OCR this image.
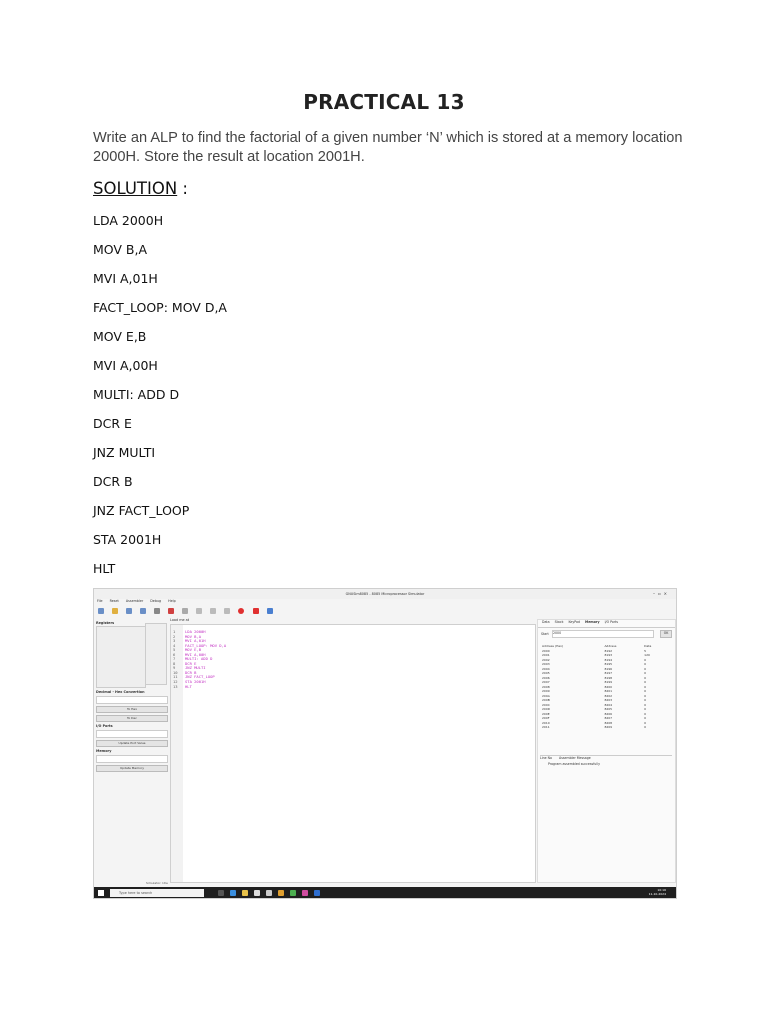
PRACTICAL 13
Write an ALP to find the factorial of a given number ‘N’ which is stored at a memory location 2000H. Store the result at location 2001H.
SOLUTION :
LDA 2000H
MOV B,A
MVI A,01H
FACT_LOOP: MOV D,A
MOV E,B
MVI A,00H
MULTI: ADD D
DCR E
JNZ MULTI
DCR B
JNZ FACT_LOOP
STA 2001H
HLT
GNUSim8085 - 8085 Microprocessor Simulator	–▫×
File Reset Assembler Debug Help

Registers
Decimal - Hex Convertion
To Hex
To Dec
I/O Ports
Update Port Value
Memory
Update Memory
Load me at
1
2
3
4
5
6
7
8
9
10
11
12
13
LDA 2000H
MOV B,A
MVI A,01H
FACT_LOOP: MOV D,A
MOV E,B
MVI A,00H
MULTI: ADD D
DCR E
JNZ MULTI
DCR B
JNZ FACT_LOOP
STA 2001H
HLT
Data Stack KeyPad Memory I/O Ports
Start	2000	OK
Address (Hex)	Address	Data
2000	8192	5
2001	8193	120
2002	8194	0
2003	8195	0
2004	8196	0
2005	8197	0
2006	8198	0
2007	8199	0
2008	8200	0
2009	8201	0
200A	8202	0
200B	8203	0
200C	8204	0
200D	8205	0
200E	8206	0
200F	8207	0
2010	8208	0
2011	8209	0
Line No Assembler Message
Program assembled successfully
Simulator: Idle
Type here to search
10:16
11-10-2024
